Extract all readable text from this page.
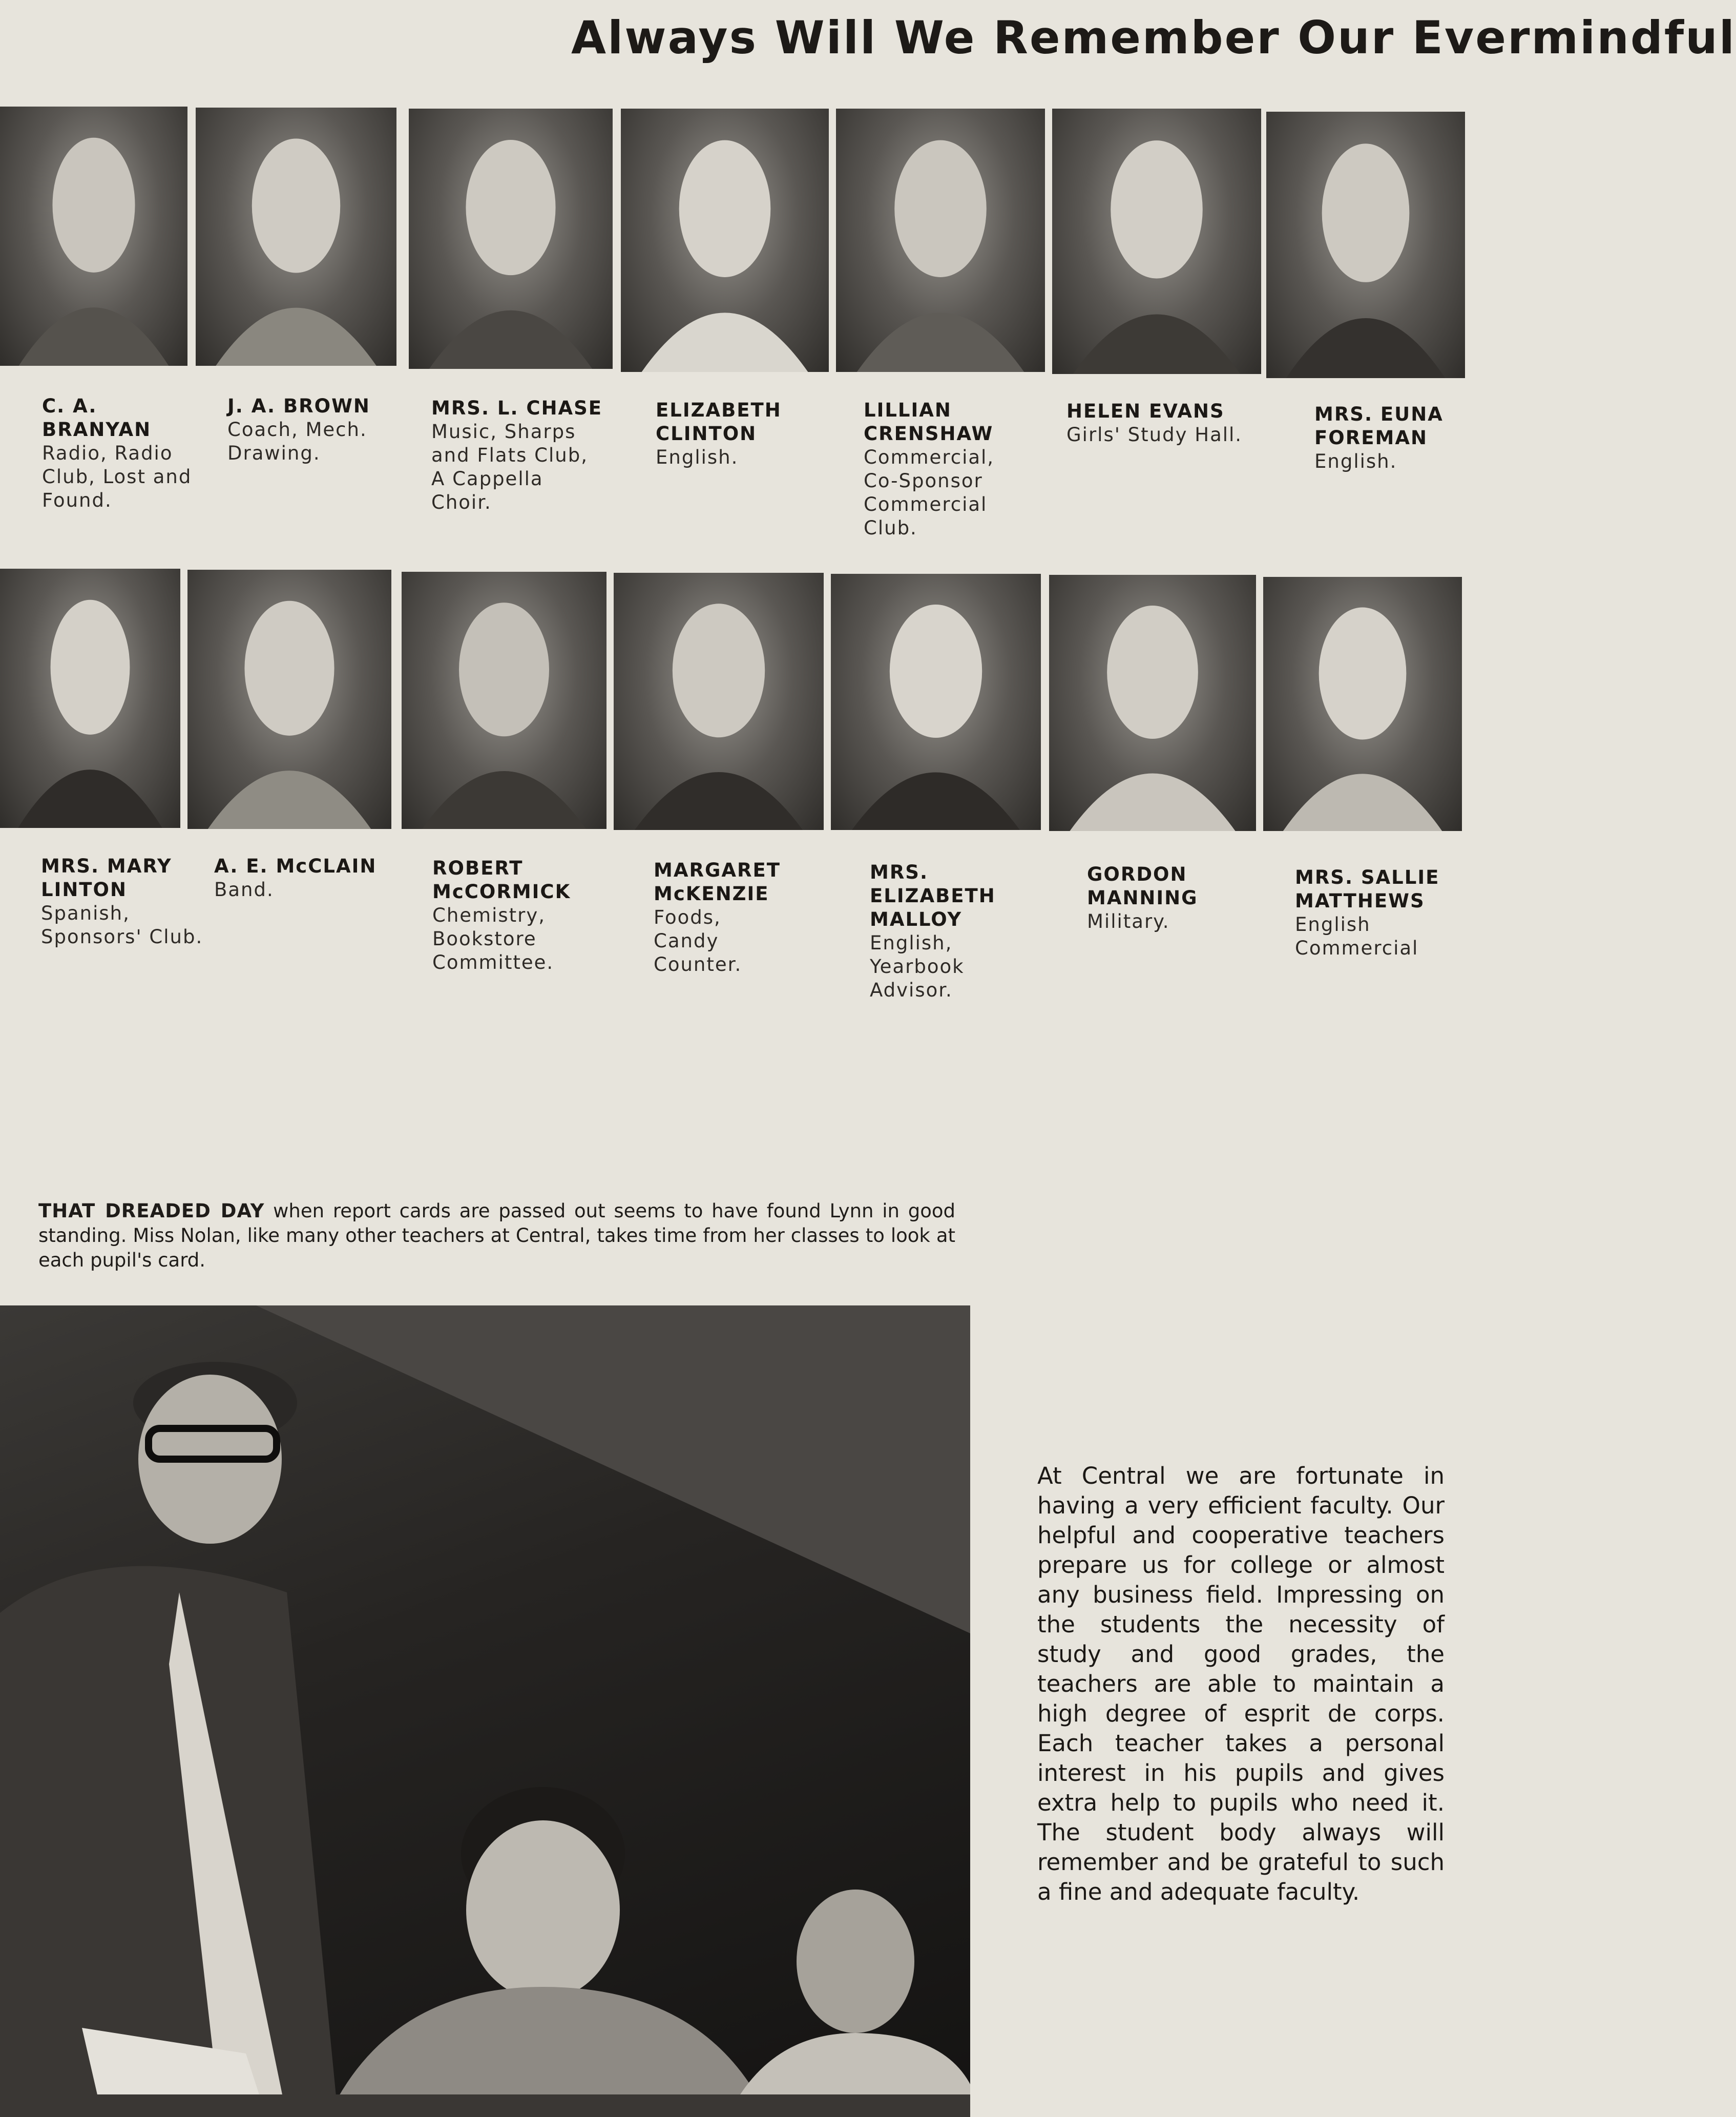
Always Will We Remember Our Evermindful
C. A. BRANYAN
Radio, Radio
Club, Lost and
Found.
J. A. BROWN
Coach, Mech.
Drawing.
MRS. L. CHASE
Music, Sharps
and Flats Club,
A Cappella
Choir.
ELIZABETH
CLINTON
English.
LILLIAN
CRENSHAW
Commercial,
Co-Sponsor
Commercial
Club.
HELEN EVANS
Girls' Study Hall.
MRS. EUNA
FOREMAN
English.
MRS. MARY
LINTON
Spanish,
Sponsors' Club.
A. E. McCLAIN
Band.
ROBERT
McCORMICK
Chemistry,
Bookstore
Committee.
MARGARET
McKENZIE
Foods,
Candy
Counter.
MRS.
ELIZABETH
MALLOY
English,
Yearbook
Advisor.
GORDON
MANNING
Military.
MRS. SALLIE
MATTHEWS
English
Commercial
THAT DREADED DAY when report cards are passed out seems to have found Lynn in good standing. Miss Nolan, like many other teachers at Central, takes time from her classes to look at each pupil's card.
At Central we are fortunate in having a very efficient faculty. Our helpful and cooperative teachers prepare us for college or almost any business field. Impressing on the students the necessity of study and good grades, the teachers are able to maintain a high degree of esprit de corps. Each teacher takes a personal interest in his pupils and gives extra help to pupils who need it. The student body always will remember and be grateful to such a fine and adequate faculty.
